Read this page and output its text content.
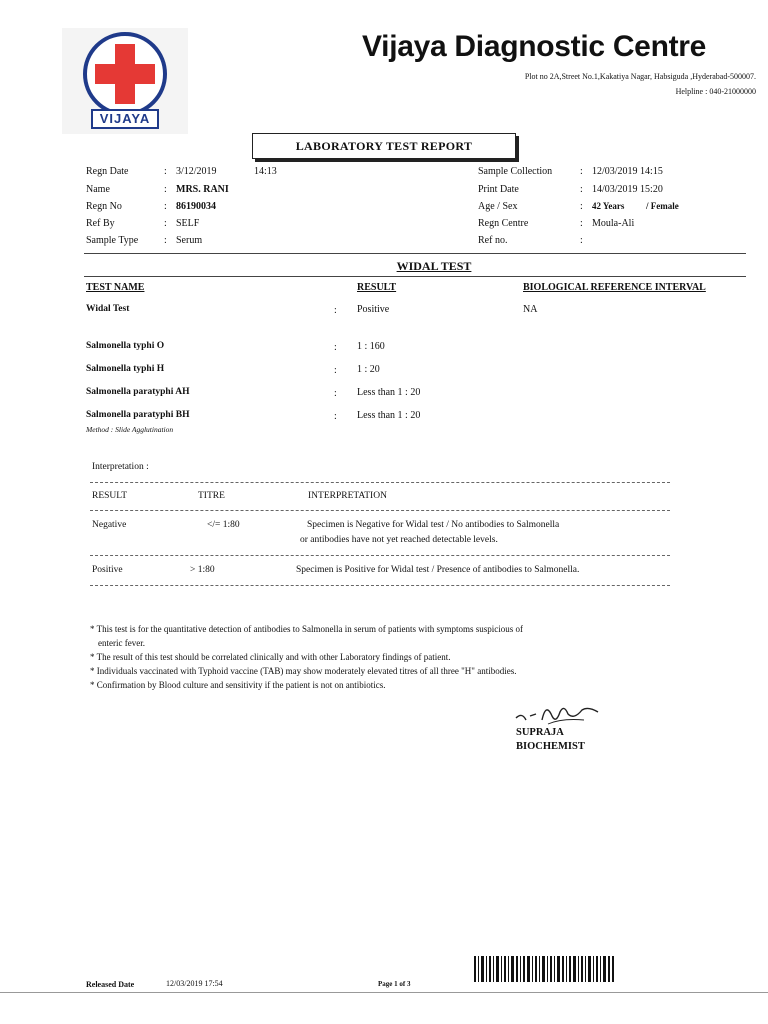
VIJAYA
Vijaya Diagnostic Centre
Plot no 2A,Street No.1,Kakatiya Nagar, Habsiguda ,Hyderabad-500007.
Helpline : 040-21000000
LABORATORY TEST REPORT
Regn Date	: 3/12/2019	14:13
Name	: MRS. RANI
Regn No	: 86190034
Ref By	: SELF
Sample Type	: Serum
Sample Collection	: 12/03/2019 14:15
Print Date	: 14/03/2019 15:20
Age / Sex	: 42 Years / Female
Regn Centre	: Moula-Ali
Ref no.	:
WIDAL TEST
TEST NAME	RESULT	BIOLOGICAL REFERENCE INTERVAL
Widal Test	: Positive	NA
Salmonella typhi O	: 1 : 160
Salmonella typhi H	: 1 : 20
Salmonella paratyphi AH	: Less than 1 : 20
Salmonella paratyphi BH	: Less than 1 : 20
Method : Slide Agglutination
Interpretation :
RESULT	TITRE	INTERPRETATION
Negative	</= 1:80	Specimen is Negative for Widal test / No antibodies to Salmonella
or antibodies have not yet reached detectable levels.
Positive	> 1:80	Specimen is Positive for Widal test / Presence of antibodies to Salmonella.
* This test is for the quantitative detection of antibodies to Salmonella in serum of patients with symptoms suspicious of
enteric fever.
* The result of this test should be correlated clinically and with other Laboratory findings of patient.
* Individuals vaccinated with Typhoid vaccine (TAB) may show moderately elevated titres of all three "H" antibodies.
* Confirmation by Blood culture and sensitivity if the patient is not on antibiotics.
SUPRAJA
BIOCHEMIST
Released Date	12/03/2019 17:54	Page 1 of 3
